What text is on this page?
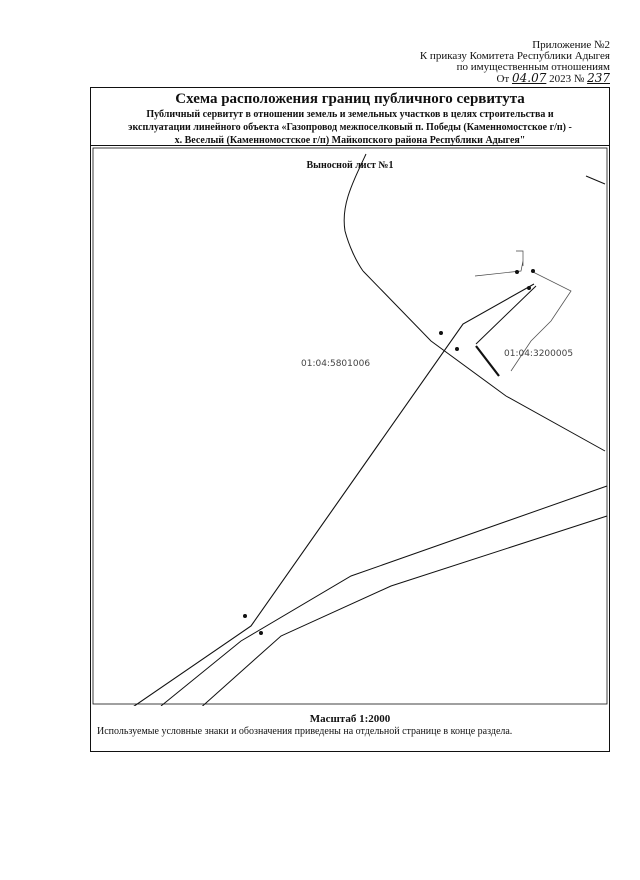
Приложение №2
К приказу Комитета Республики Адыгея
по имущественным отношениям
От 04.07 2023 № 237
Схема расположения границ публичного сервитута
Публичный сервитут в отношении земель и земельных участков в целях строительства и
эксплуатации линейного объекта «Газопровод межпоселковый п. Победы (Каменномостское г/п) -
х. Веселый (Каменномостское г/п) Майкопского района Республики Адыгея"
Выносной лист №1
01:04:5801006
01:04:3200005
Масштаб 1:2000
Используемые условные знаки и обозначения приведены на отдельной странице в конце раздела.
